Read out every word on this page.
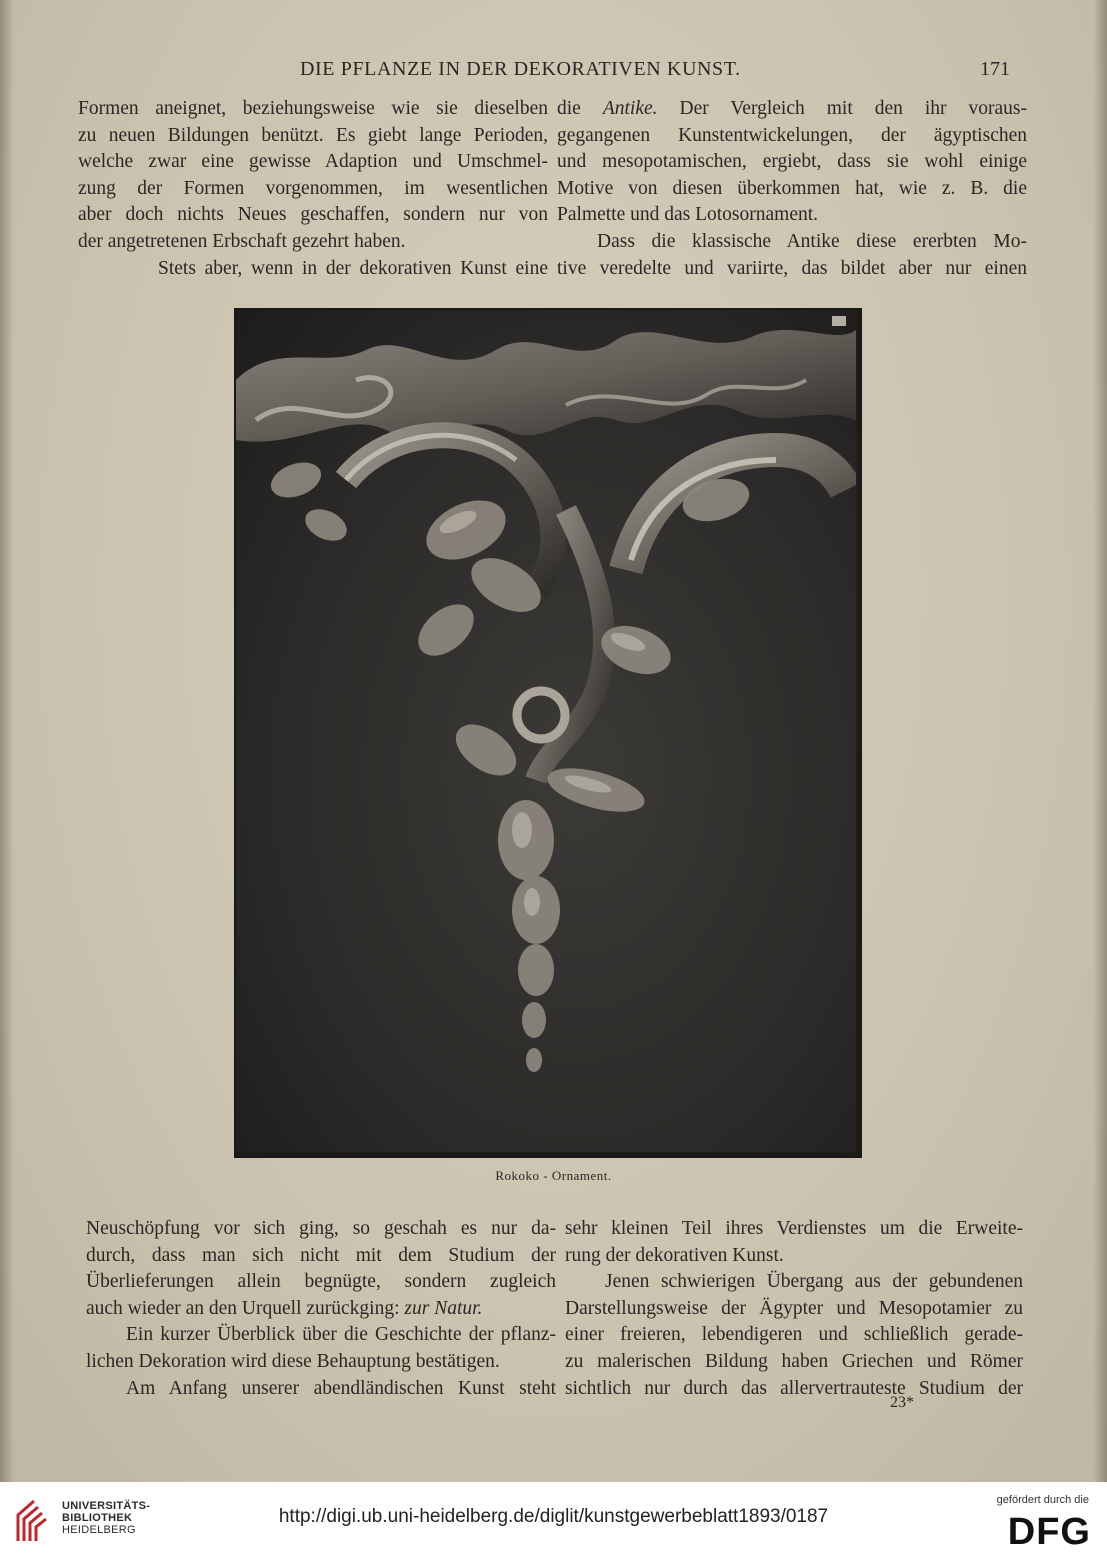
DIE PFLANZE IN DER DEKORATIVEN KUNST.	171
Formen aneignet, beziehungsweise wie sie dieselben
zu neuen Bildungen benützt. Es giebt lange Perioden,
welche zwar eine gewisse Adaption und Umschmel-
zung der Formen vorgenommen, im wesentlichen
aber doch nichts Neues geschaffen, sondern nur von
der angetretenen Erbschaft gezehrt haben.
Stets aber, wenn in der dekorativen Kunst eine
die Antike. Der Vergleich mit den ihr voraus-
gegangenen Kunstentwickelungen, der ägyptischen
und mesopotamischen, ergiebt, dass sie wohl einige
Motive von diesen überkommen hat, wie z. B. die
Palmette und das Lotosornament.
Dass die klassische Antike diese ererbten Mo-
tive veredelte und variirte, das bildet aber nur einen
Rokoko - Ornament.
Neuschöpfung vor sich ging, so geschah es nur da-
durch, dass man sich nicht mit dem Studium der
Überlieferungen allein begnügte, sondern zugleich
auch wieder an den Urquell zurückging: zur Natur.
Ein kurzer Überblick über die Geschichte der pflanz-
lichen Dekoration wird diese Behauptung bestätigen.
Am Anfang unserer abendländischen Kunst steht
sehr kleinen Teil ihres Verdienstes um die Erweite-
rung der dekorativen Kunst.
Jenen schwierigen Übergang aus der gebundenen
Darstellungsweise der Ägypter und Mesopotamier zu
einer freieren, lebendigeren und schließlich gerade-
zu malerischen Bildung haben Griechen und Römer
sichtlich nur durch das allervertrauteste Studium der
23*
UNIVERSITÄTS-
BIBLIOTHEK
HEIDELBERG
http://digi.ub.uni-heidelberg.de/diglit/kunstgewerbeblatt1893/0187
gefördert durch die
DFG
